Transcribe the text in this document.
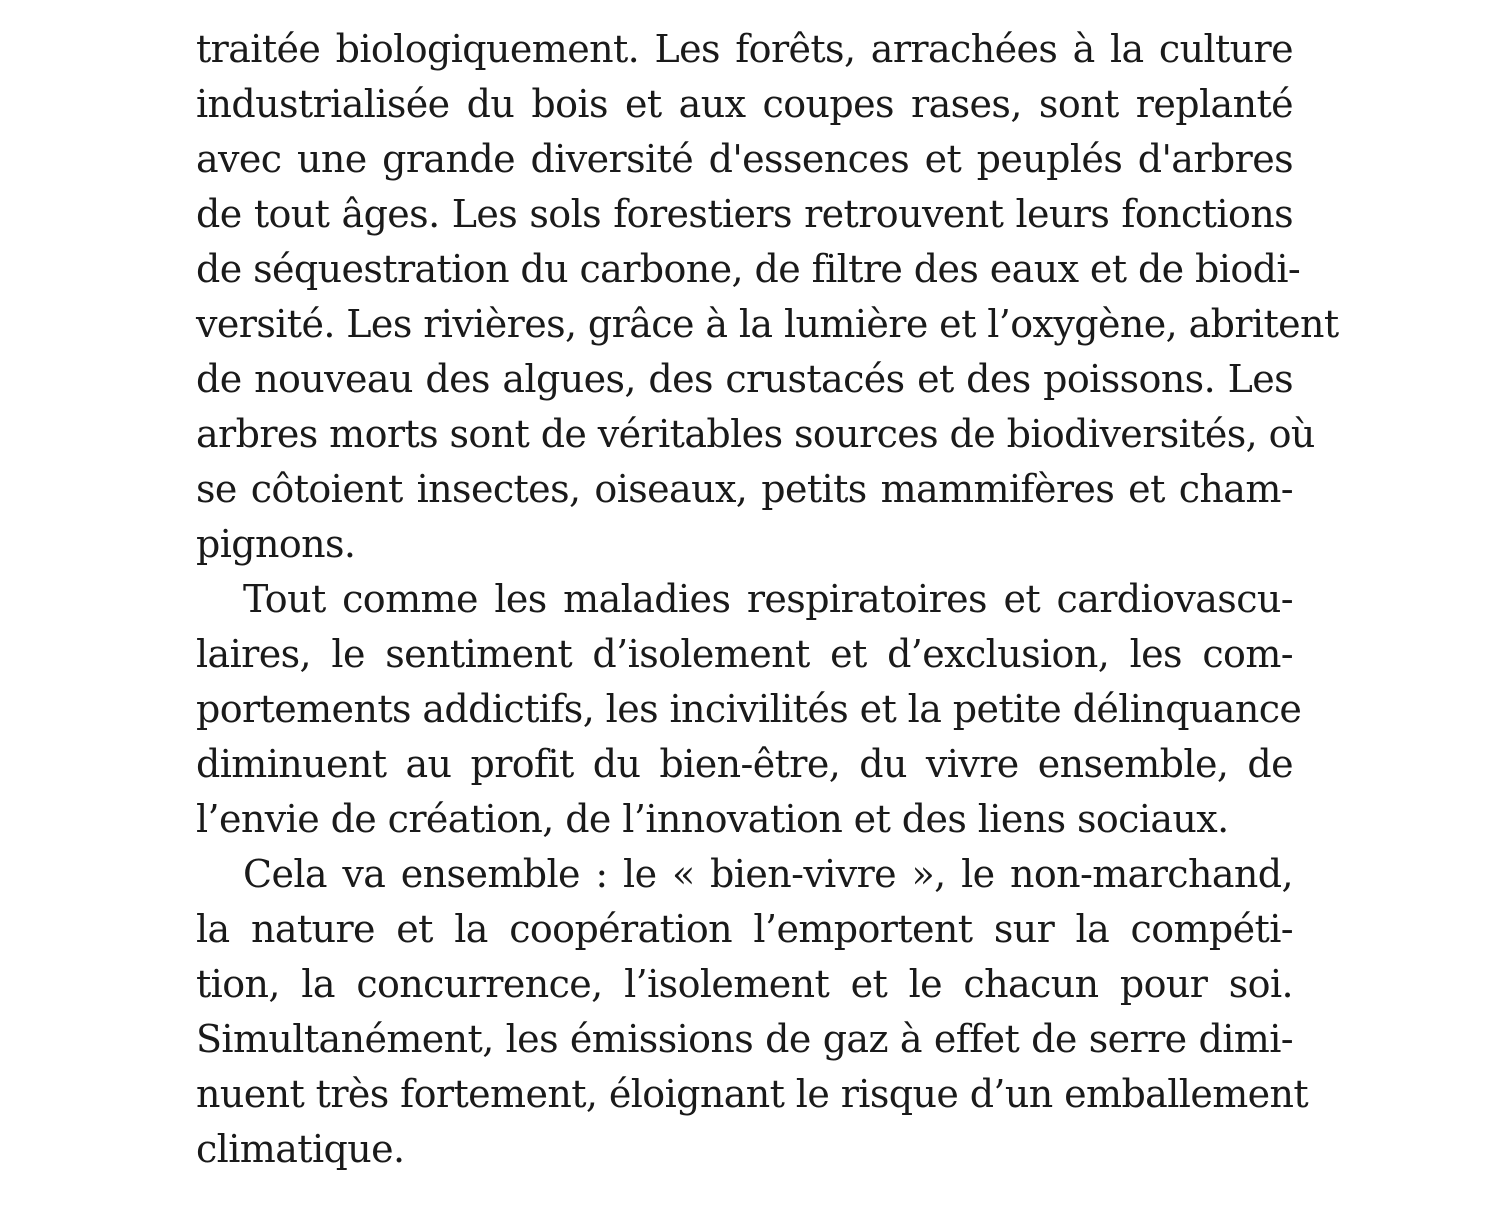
traitée biologiquement. Les forêts, arrachées à la culture
industrialisée du bois et aux coupes rases, sont replanté
avec une grande diversité d'essences et peuplés d'arbres
de tout âges. Les sols forestiers retrouvent leurs fonctions
de séquestration du carbone, de filtre des eaux et de biodi-
versité. Les rivières, grâce à la lumière et l’oxygène, abritent
de nouveau des algues, des crustacés et des poissons. Les
arbres morts sont de véritables sources de biodiversités, où
se côtoient insectes, oiseaux, petits mammifères et cham-
pignons.
Tout comme les maladies respiratoires et cardiovascu-
laires, le sentiment d’isolement et d’exclusion, les com-
portements addictifs, les incivilités et la petite délinquance
diminuent au profit du bien-être, du vivre ensemble, de
l’envie de création, de l’innovation et des liens sociaux.
Cela va ensemble : le « bien-vivre », le non-marchand,
la nature et la coopération l’emportent sur la compéti-
tion, la concurrence, l’isolement et le chacun pour soi.
Simultanément, les émissions de gaz à effet de serre dimi-
nuent très fortement, éloignant le risque d’un emballement
climatique.
